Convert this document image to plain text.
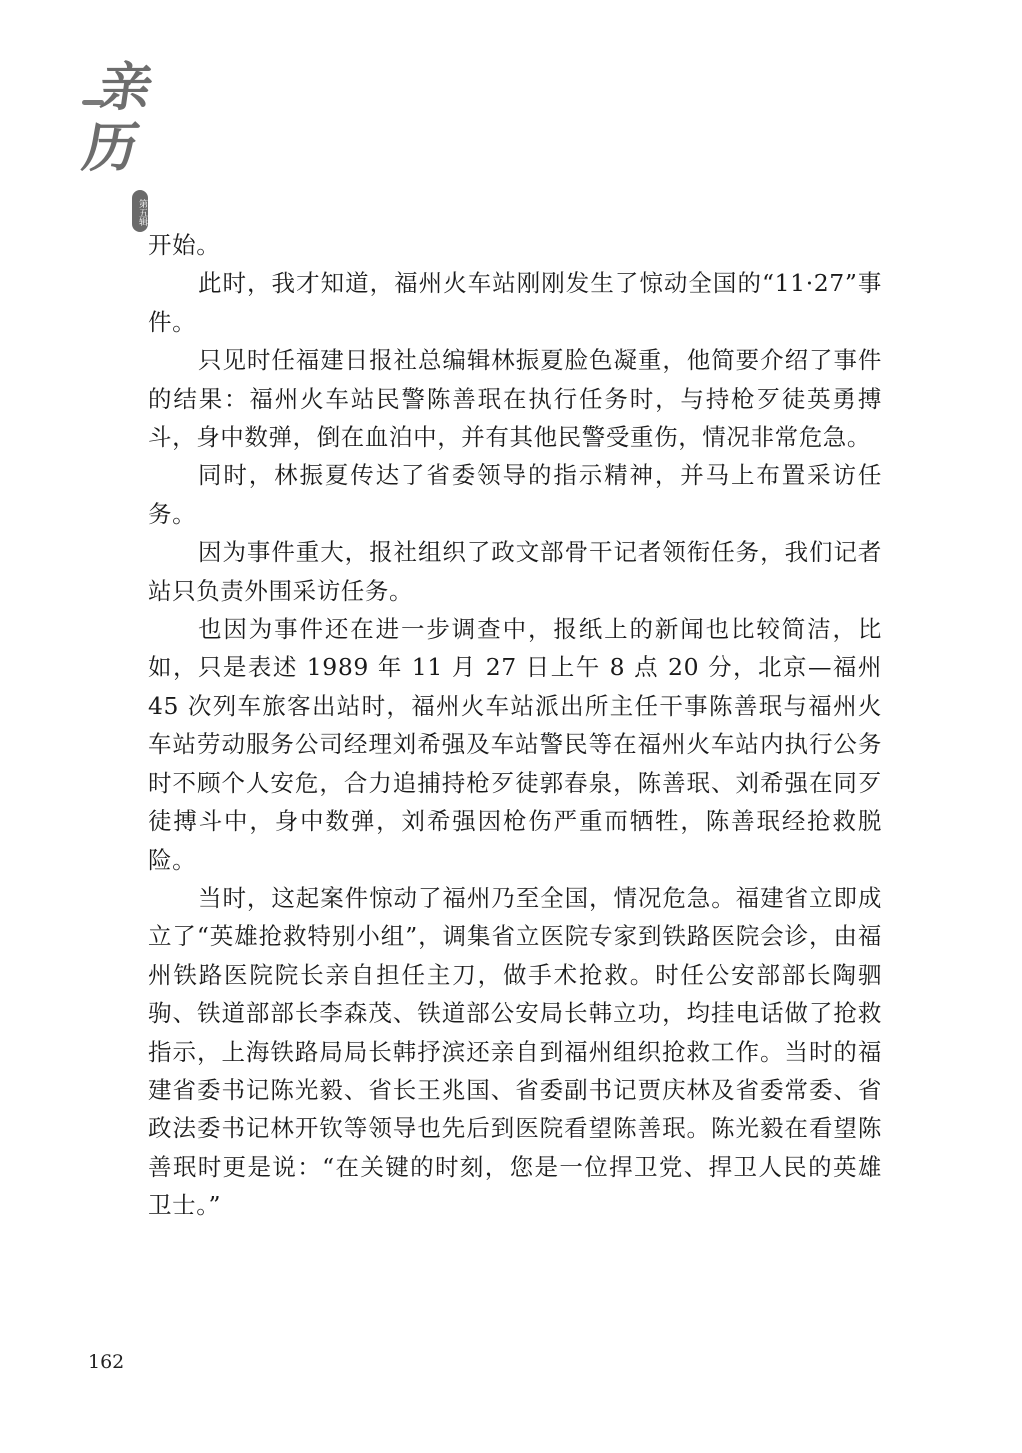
亲
历
第五辑

开始。

此时，我才知道，福州火车站刚刚发生了惊动全国的“11·27”事件。

只见时任福建日报社总编辑林振夏脸色凝重，他简要介绍了事件的结果：福州火车站民警陈善珉在执行任务时，与持枪歹徒英勇搏斗，身中数弹，倒在血泊中，并有其他民警受重伤，情况非常危急。

同时，林振夏传达了省委领导的指示精神，并马上布置采访任务。

因为事件重大，报社组织了政文部骨干记者领衔任务，我们记者站只负责外围采访任务。

也因为事件还在进一步调查中，报纸上的新闻也比较简洁，比如，只是表述 1989 年 11 月 27 日上午 8 点 20 分，北京—福州 45 次列车旅客出站时，福州火车站派出所主任干事陈善珉与福州火车站劳动服务公司经理刘希强及车站警民等在福州火车站内执行公务时不顾个人安危，合力追捕持枪歹徒郭春泉，陈善珉、刘希强在同歹徒搏斗中，身中数弹，刘希强因枪伤严重而牺牲，陈善珉经抢救脱险。

当时，这起案件惊动了福州乃至全国，情况危急。福建省立即成立了“英雄抢救特别小组”，调集省立医院专家到铁路医院会诊，由福州铁路医院院长亲自担任主刀，做手术抢救。时任公安部部长陶驷驹、铁道部部长李森茂、铁道部公安局长韩立功，均挂电话做了抢救指示，上海铁路局局长韩抒滨还亲自到福州组织抢救工作。当时的福建省委书记陈光毅、省长王兆国、省委副书记贾庆林及省委常委、省政法委书记林开钦等领导也先后到医院看望陈善珉。陈光毅在看望陈善珉时更是说：“在关键的时刻，您是一位捍卫党、捍卫人民的英雄卫士。”

162
